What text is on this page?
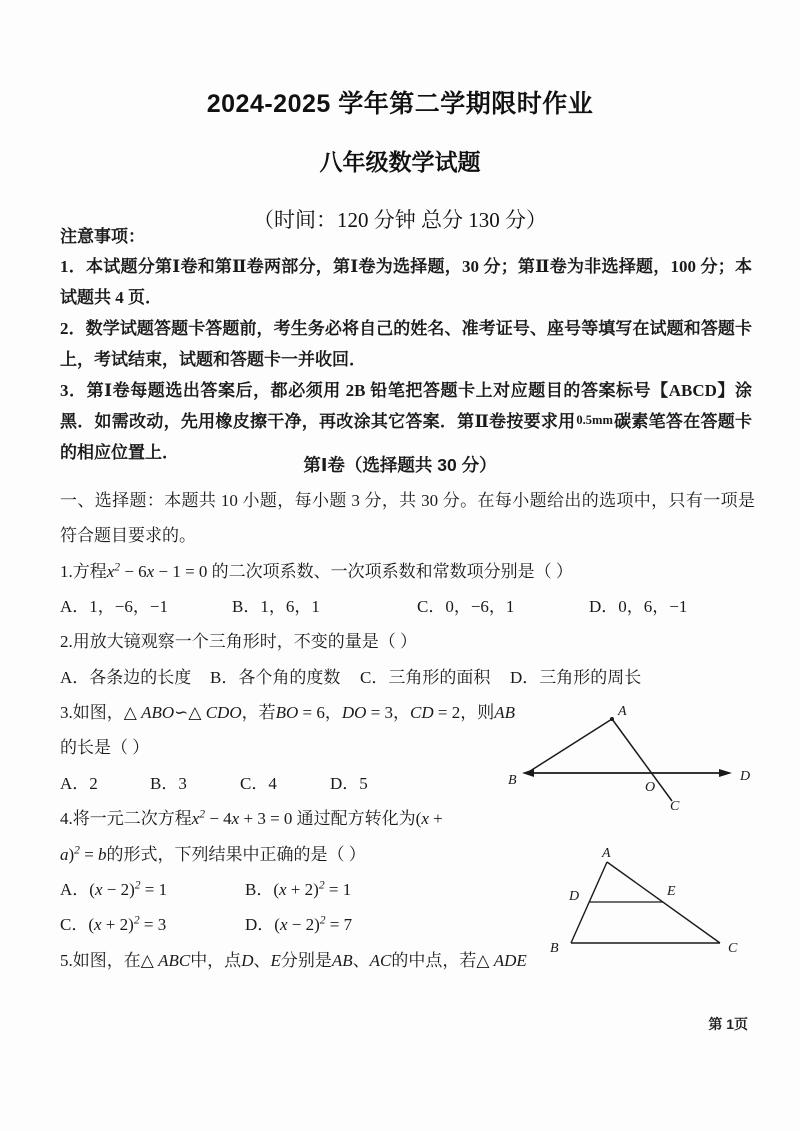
2024-2025 学年第二学期限时作业
八年级数学试题

（时间：120 分钟 总分 130 分）

注意事项：

1．本试题分第Ⅰ卷和第Ⅱ卷两部分，第Ⅰ卷为选择题，30 分；第Ⅱ卷为非选择题，100 分；本试题共 4 页．

2．数学试题答题卡答题前，考生务必将自己的姓名、准考证号、座号等填写在试题和答题卡上，考试结束，试题和答题卡一并收回．

3．第Ⅰ卷每题选出答案后，都必须用 2B 铅笔把答题卡上对应题目的答案标号【ABCD】涂黑．如需改动，先用橡皮擦干净，再改涂其它答案．第Ⅱ卷按要求用0.5mm碳素笔答在答题卡的相应位置上．

第Ⅰ卷（选择题共 30 分）

一、选择题：本题共 10 小题，每小题 3 分，共 30 分。在每小题给出的选项中，只有一项是符合题目要求的。

1.方程$x^2 - 6x - 1 = 0$ 的二次项系数、一次项系数和常数项分别是（ ）

A．1，−6，−1	B．1，6，1	C．0，−6，1	D．0，6，−1

2.用放大镜观察一个三角形时，不变的量是（ ）

A．各条边的长度	B．各个角的度数	C．三角形的面积	D．三角形的周长

3.如图，△ ABO∽△ CDO，若BO = 6，DO = 3，CD = 2，则AB

的长是（ ）

A．2	B．3	C．4	D．5

4.将一元二次方程$x^2 - 4x + 3 = 0$ 通过配方转化为(x +

a)$^2$ = b的形式，下列结果中正确的是（ ）

A．$(x - 2)^2 = 1$	B．$(x + 2)^2 = 1$

C．$(x + 2)^2 = 3$	D．$(x - 2)^2 = 7$

5.如图，在△ ABC中，点D、E分别是AB、AC的中点，若△ ADE

A
B	O
C
D
A
B	C
D	E
第 1页
